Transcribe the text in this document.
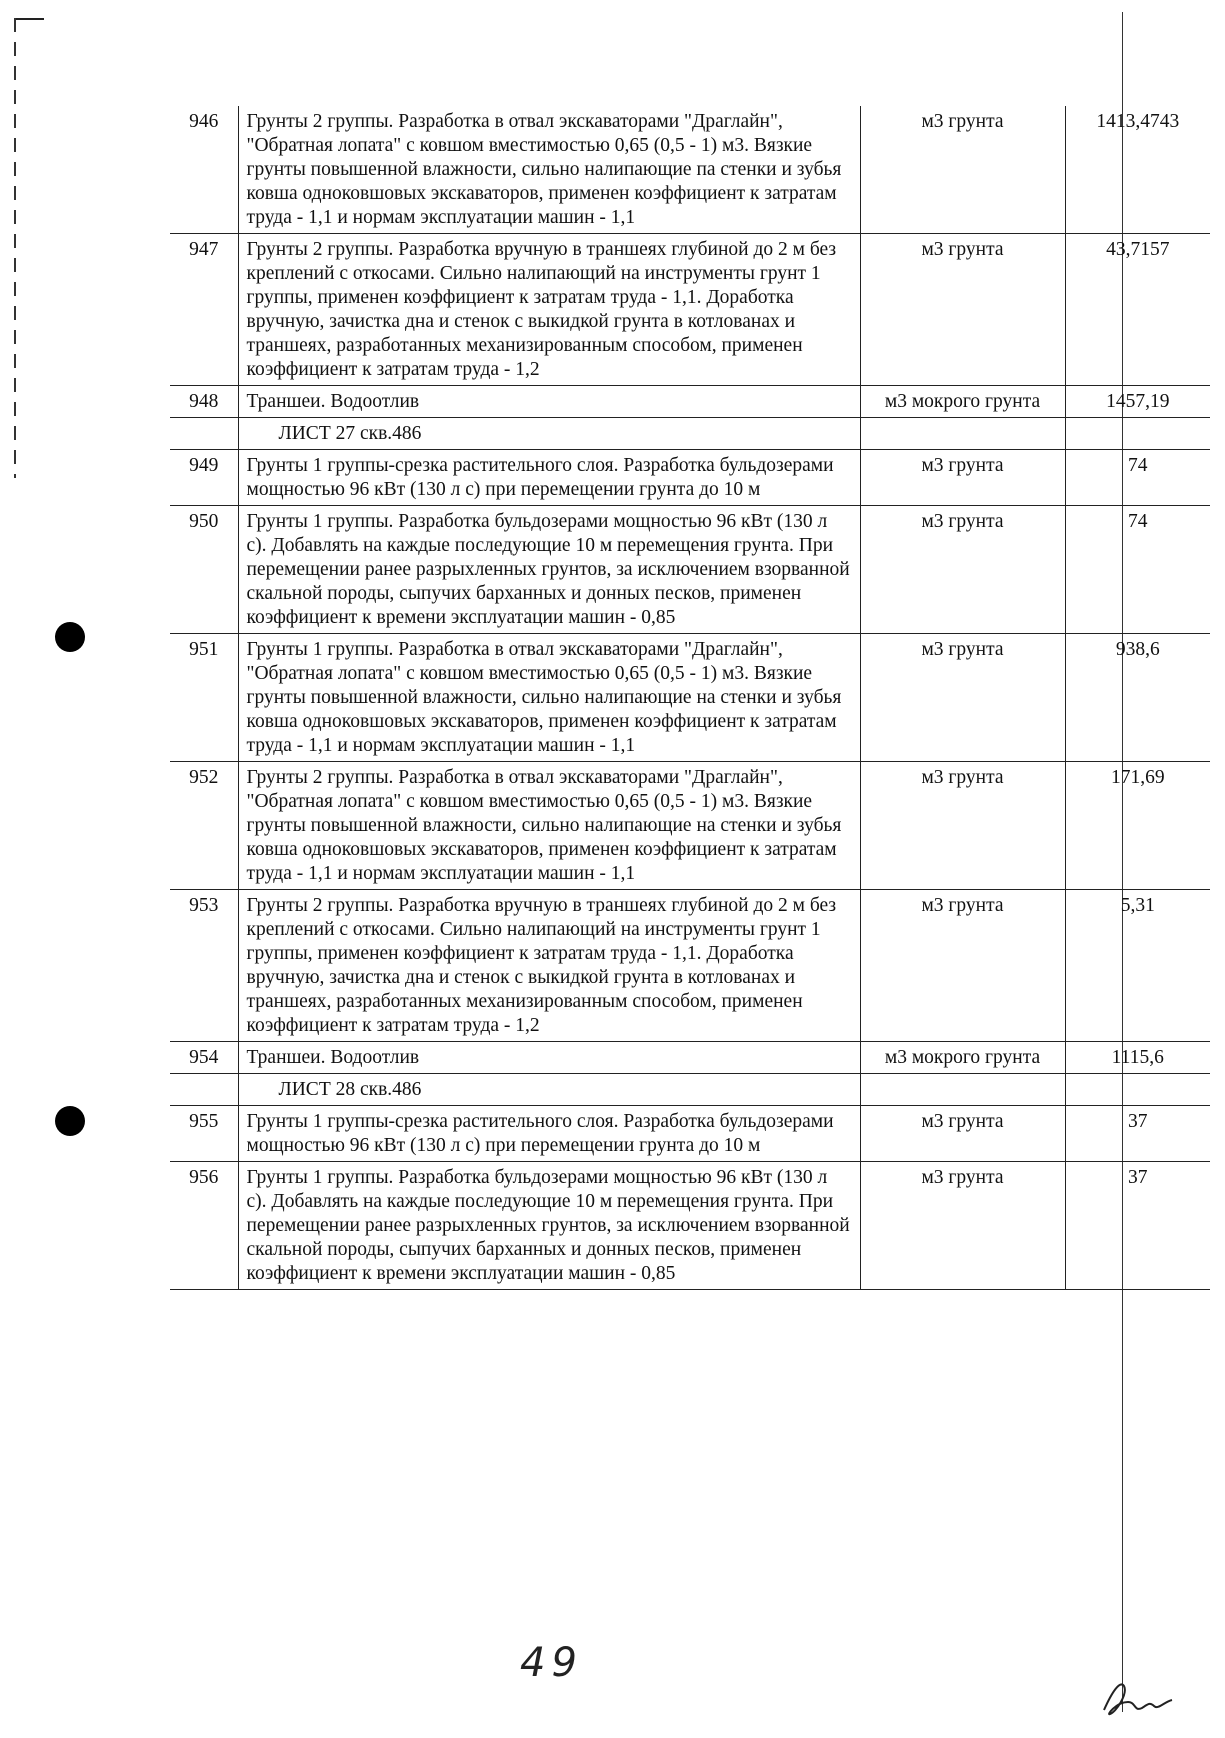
946	Грунты 2 группы. Разработка в отвал экскаваторами "Драглайн", "Обратная лопата" с ковшом вместимостью 0,65 (0,5 - 1) м3. Вязкие грунты повышенной влажности, сильно налипающие па стенки и зубья ковша одноковшовых экскаваторов, применен коэффициент к затратам труда - 1,1 и нормам эксплуатации машин - 1,1	м3 грунта	1413,4743
947	Грунты 2 группы. Разработка вручную в траншеях глубиной до 2 м без креплений с откосами. Сильно налипающий на инструменты грунт 1 группы, применен коэффициент к затратам труда - 1,1. Доработка вручную, зачистка дна и стенок с выкидкой грунта в котлованах и траншеях, разработанных механизированным способом, применен коэффициент к затратам труда - 1,2	м3 грунта	43,7157
948	Траншеи. Водоотлив	м3 мокрого грунта	1457,19
	ЛИСТ 27 скв.486		
949	Грунты 1 группы-срезка растительного слоя. Разработка бульдозерами мощностью 96 кВт (130 л с) при перемещении грунта до 10 м	м3 грунта	74
950	Грунты 1 группы. Разработка бульдозерами мощностью 96 кВт (130 л с). Добавлять на каждые последующие 10 м перемещения грунта. При перемещении ранее разрыхленных грунтов, за исключением взорванной скальной породы, сыпучих барханных и донных песков, применен коэффициент к времени эксплуатации машин - 0,85	м3 грунта	74
951	Грунты 1 группы. Разработка в отвал экскаваторами "Драглайн", "Обратная лопата" с ковшом вместимостью 0,65 (0,5 - 1) м3. Вязкие грунты повышенной влажности, сильно налипающие на стенки и зубья ковша одноковшовых экскаваторов, применен коэффициент к затратам труда - 1,1 и нормам эксплуатации машин - 1,1	м3 грунта	938,6
952	Грунты 2 группы. Разработка в отвал экскаваторами "Драглайн", "Обратная лопата" с ковшом вместимостью 0,65 (0,5 - 1) м3. Вязкие грунты повышенной влажности, сильно налипающие на стенки и зубья ковша одноковшовых экскаваторов, применен коэффициент к затратам труда - 1,1 и нормам эксплуатации машин - 1,1	м3 грунта	171,69
953	Грунты 2 группы. Разработка вручную в траншеях глубиной до 2 м без креплений с откосами. Сильно налипающий на инструменты грунт 1 группы, применен коэффициент к затратам труда - 1,1. Доработка вручную, зачистка дна и стенок с выкидкой грунта в котлованах и траншеях, разработанных механизированным способом, применен коэффициент к затратам труда - 1,2	м3 грунта	5,31
954	Траншеи. Водоотлив	м3 мокрого грунта	1115,6
	ЛИСТ 28 скв.486		
955	Грунты 1 группы-срезка растительного слоя. Разработка бульдозерами мощностью 96 кВт (130 л с) при перемещении грунта до 10 м	м3 грунта	37
956	Грунты 1 группы. Разработка бульдозерами мощностью 96 кВт (130 л с). Добавлять на каждые последующие 10 м перемещения грунта. При перемещении ранее разрыхленных грунтов, за исключением взорванной скальной породы, сыпучих барханных и донных песков, применен коэффициент к времени эксплуатации машин - 0,85	м3 грунта	37
49
